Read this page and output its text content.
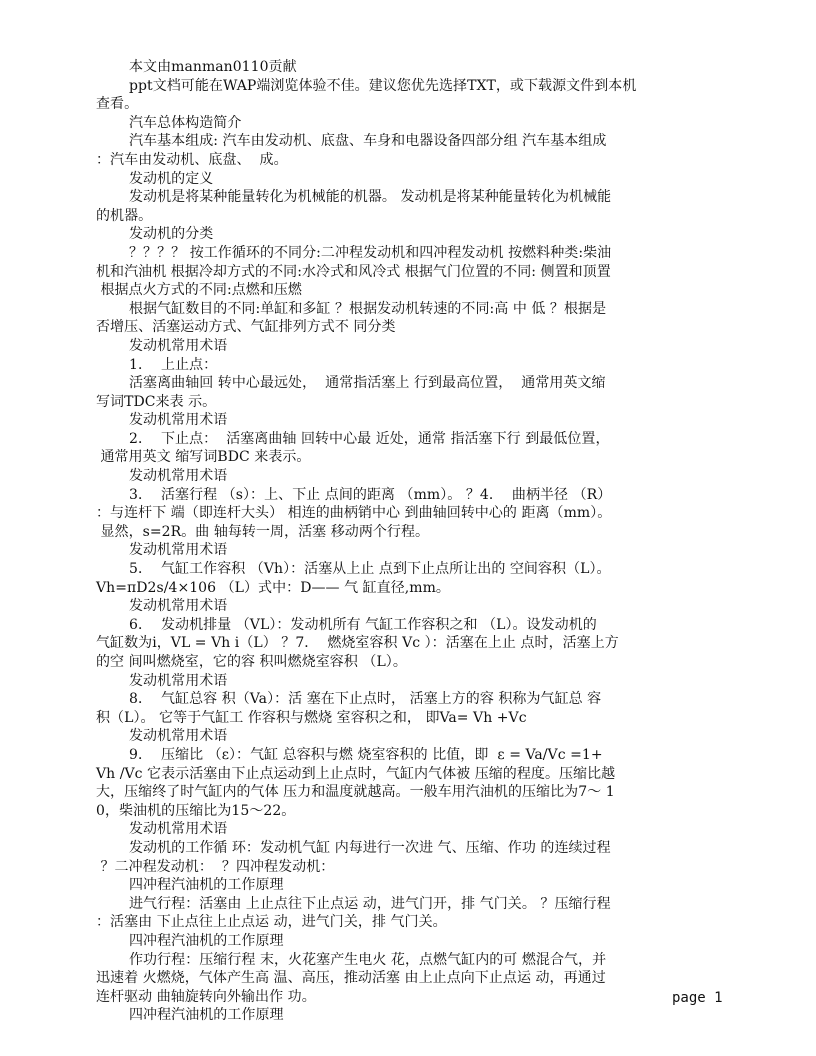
本文由manman0110贡献
ppt文档可能在WAP端浏览体验不佳。建议您优先选择TXT，或下载源文件到本机
查看。
汽车总体构造简介
汽车基本组成: 汽车由发动机、底盘、车身和电器设备四部分组 汽车基本组成
：汽车由发动机、底盘、  成。
发动机的定义
发动机是将某种能量转化为机械能的机器。 发动机是将某种能量转化为机械能
的机器。
发动机的分类
？？？？ 按工作循环的不同分:二冲程发动机和四冲程发动机 按燃料种类:柴油
机和汽油机 根据冷却方式的不同:水冷式和风冷式 根据气门位置的不同: 侧置和顶置
根据点火方式的不同:点燃和压燃
根据气缸数目的不同:单缸和多缸 ？根据发动机转速的不同:高 中 低 ？根据是
否增压、活塞运动方式、气缸排列方式不 同分类
发动机常用术语
1．  上止点：
活塞离曲轴回 转中心最远处，  通常指活塞上 行到最高位置，  通常用英文缩
写词TDC来表 示。
发动机常用术语
2．  下止点：  活塞离曲轴 回转中心最 近处，通常 指活塞下行 到最低位置，
通常用英文 缩写词BDC 来表示。
发动机常用术语
3．  活塞行程 （s）：上、下止 点间的距离 （mm）。 ？4．  曲柄半径 （R）
：与连杆下 端（即连杆大头） 相连的曲柄销中心 到曲轴回转中心的 距离（mm）。
显然，s=2R。曲 轴每转一周，活塞 移动两个行程。
发动机常用术语
5．  气缸工作容积 （Vh）：活塞从上止 点到下止点所让出的 空间容积（L）。
Vh=πD2s/4×106 （L）式中：D—— 气 缸直径,mm。
发动机常用术语
6．  发动机排量 （VL）：发动机所有 气缸工作容积之和 （L）。设发动机的
气缸数为i，VL = Vh i（L） ？7．  燃烧室容积 Vc ）：活塞在上止 点时，活塞上方
的空 间叫燃烧室，它的容 积叫燃烧室容积 （L）。
发动机常用术语
8．  气缸总容 积（Va）：活 塞在下止点时， 活塞上方的容 积称为气缸总 容
积（L）。 它等于气缸工 作容积与燃烧 室容积之和， 即Va= Vh +Vc
发动机常用术语
9．  压缩比 （ε）：气缸 总容积与燃 烧室容积的 比值，即  ε = Va/Vc =1+
Vh /Vc 它表示活塞由下止点运动到上止点时，气缸内气体被 压缩的程度。压缩比越
大，压缩终了时气缸内的气体 压力和温度就越高。一般车用汽油机的压缩比为7～ 1
0，柴油机的压缩比为15～22。
发动机常用术语
发动机的工作循 环：发动机气缸 内每进行一次进 气、压缩、作功 的连续过程
？二冲程发动机：  ？四冲程发动机：
四冲程汽油机的工作原理
进气行程：活塞由 上止点往下止点运 动，进气门开，排 气门关。 ？压缩行程
：活塞由 下止点往上止点运 动，进气门关，排 气门关。
四冲程汽油机的工作原理
作功行程：压缩行程 末，火花塞产生电火 花，点燃气缸内的可 燃混合气，并
迅速着 火燃烧，气体产生高 温、高压，推动活塞 由上止点向下止点运 动，再通过
连杆驱动 曲轴旋转向外输出作 功。
四冲程汽油机的工作原理
page 1
